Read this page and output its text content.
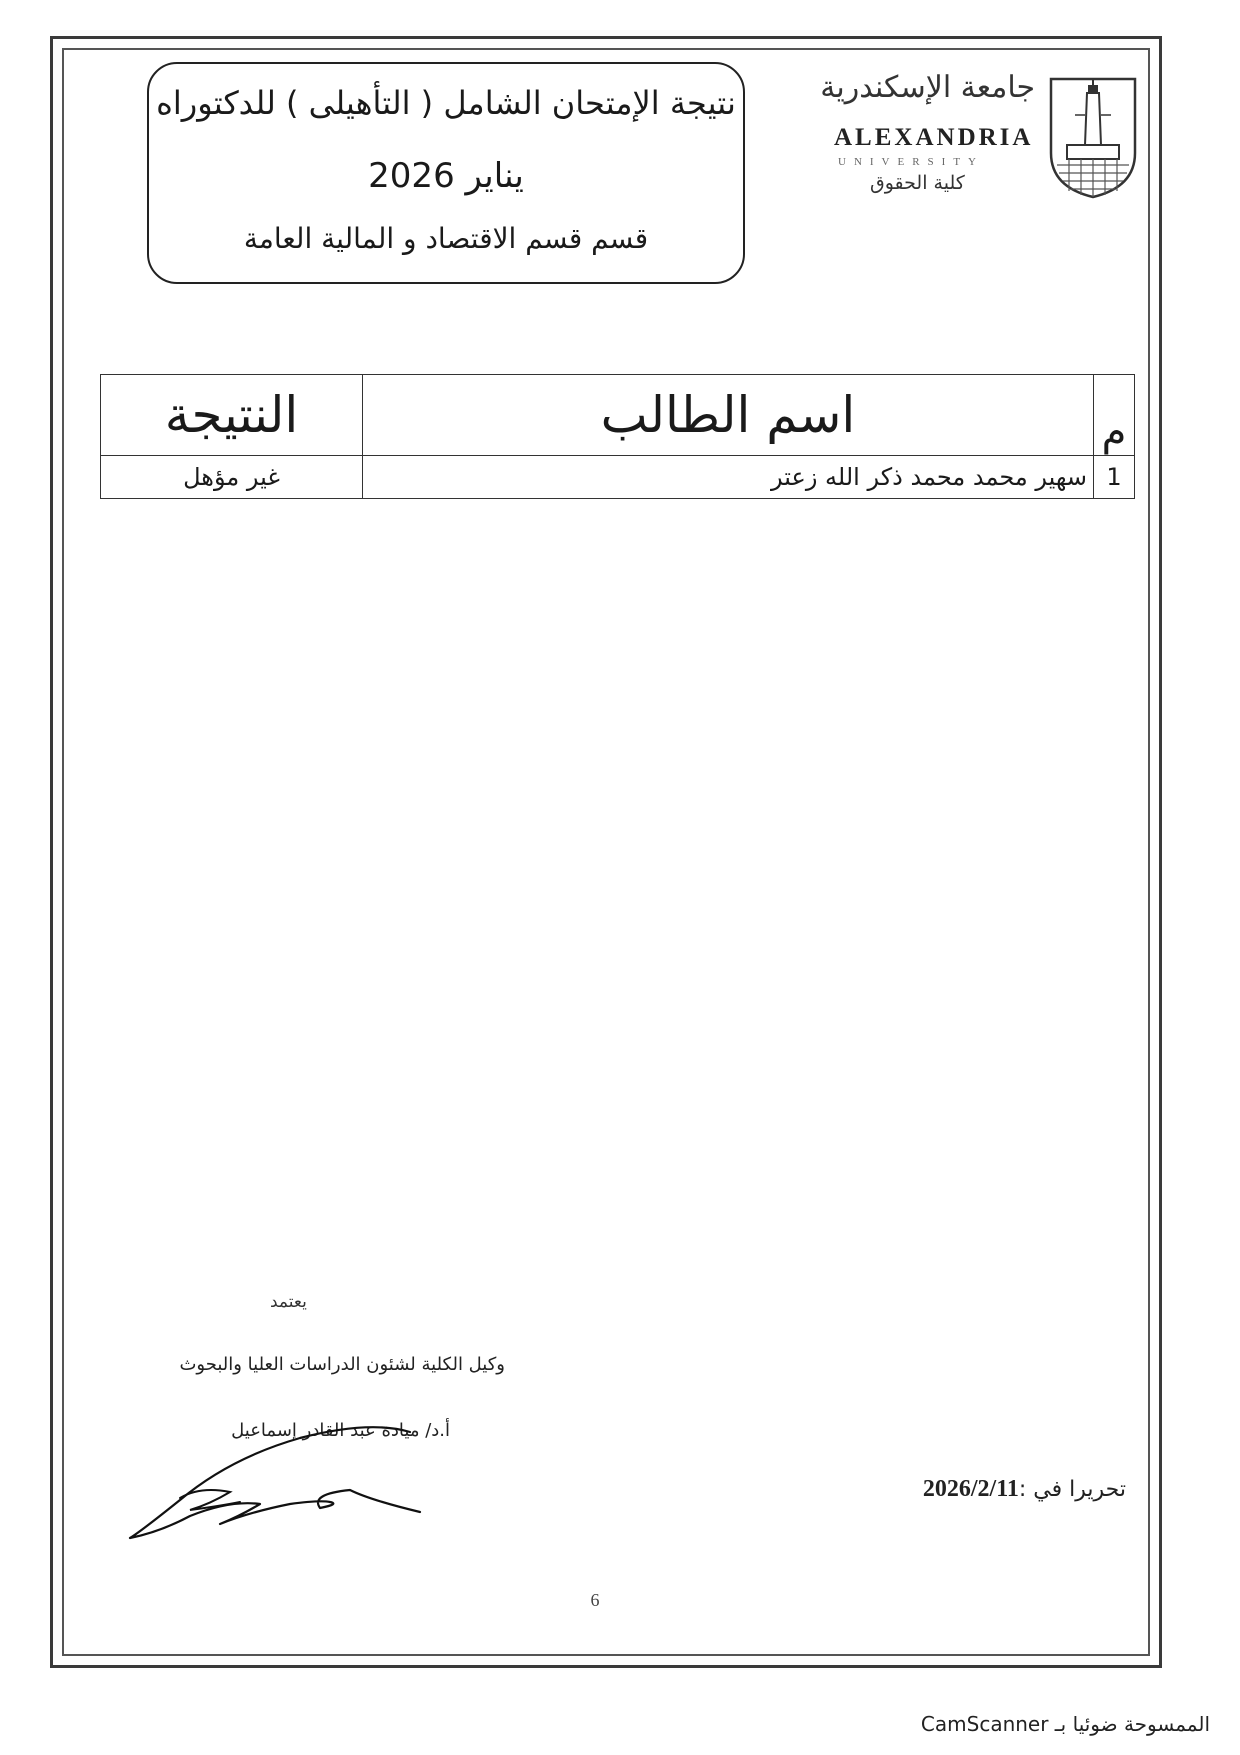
نتيجة الإمتحان الشامل ( التأهيلى ) للدكتوراه
يناير 2026
قسم قسم الاقتصاد و المالية العامة
جامعة الإسكندرية
ALEXANDRIA
UNIVERSITY
كلية الحقوق
م	اسم الطالب	النتيجة
1	سهير محمد محمد ذكر الله زعتر	غير مؤهل
يعتمد
وكيل الكلية لشئون الدراسات العليا والبحوث
أ.د/ ميادة عبد القادر إسماعيل
تحريرا في :2026/2/11
6
الممسوحة ضوئيا بـ CamScanner
